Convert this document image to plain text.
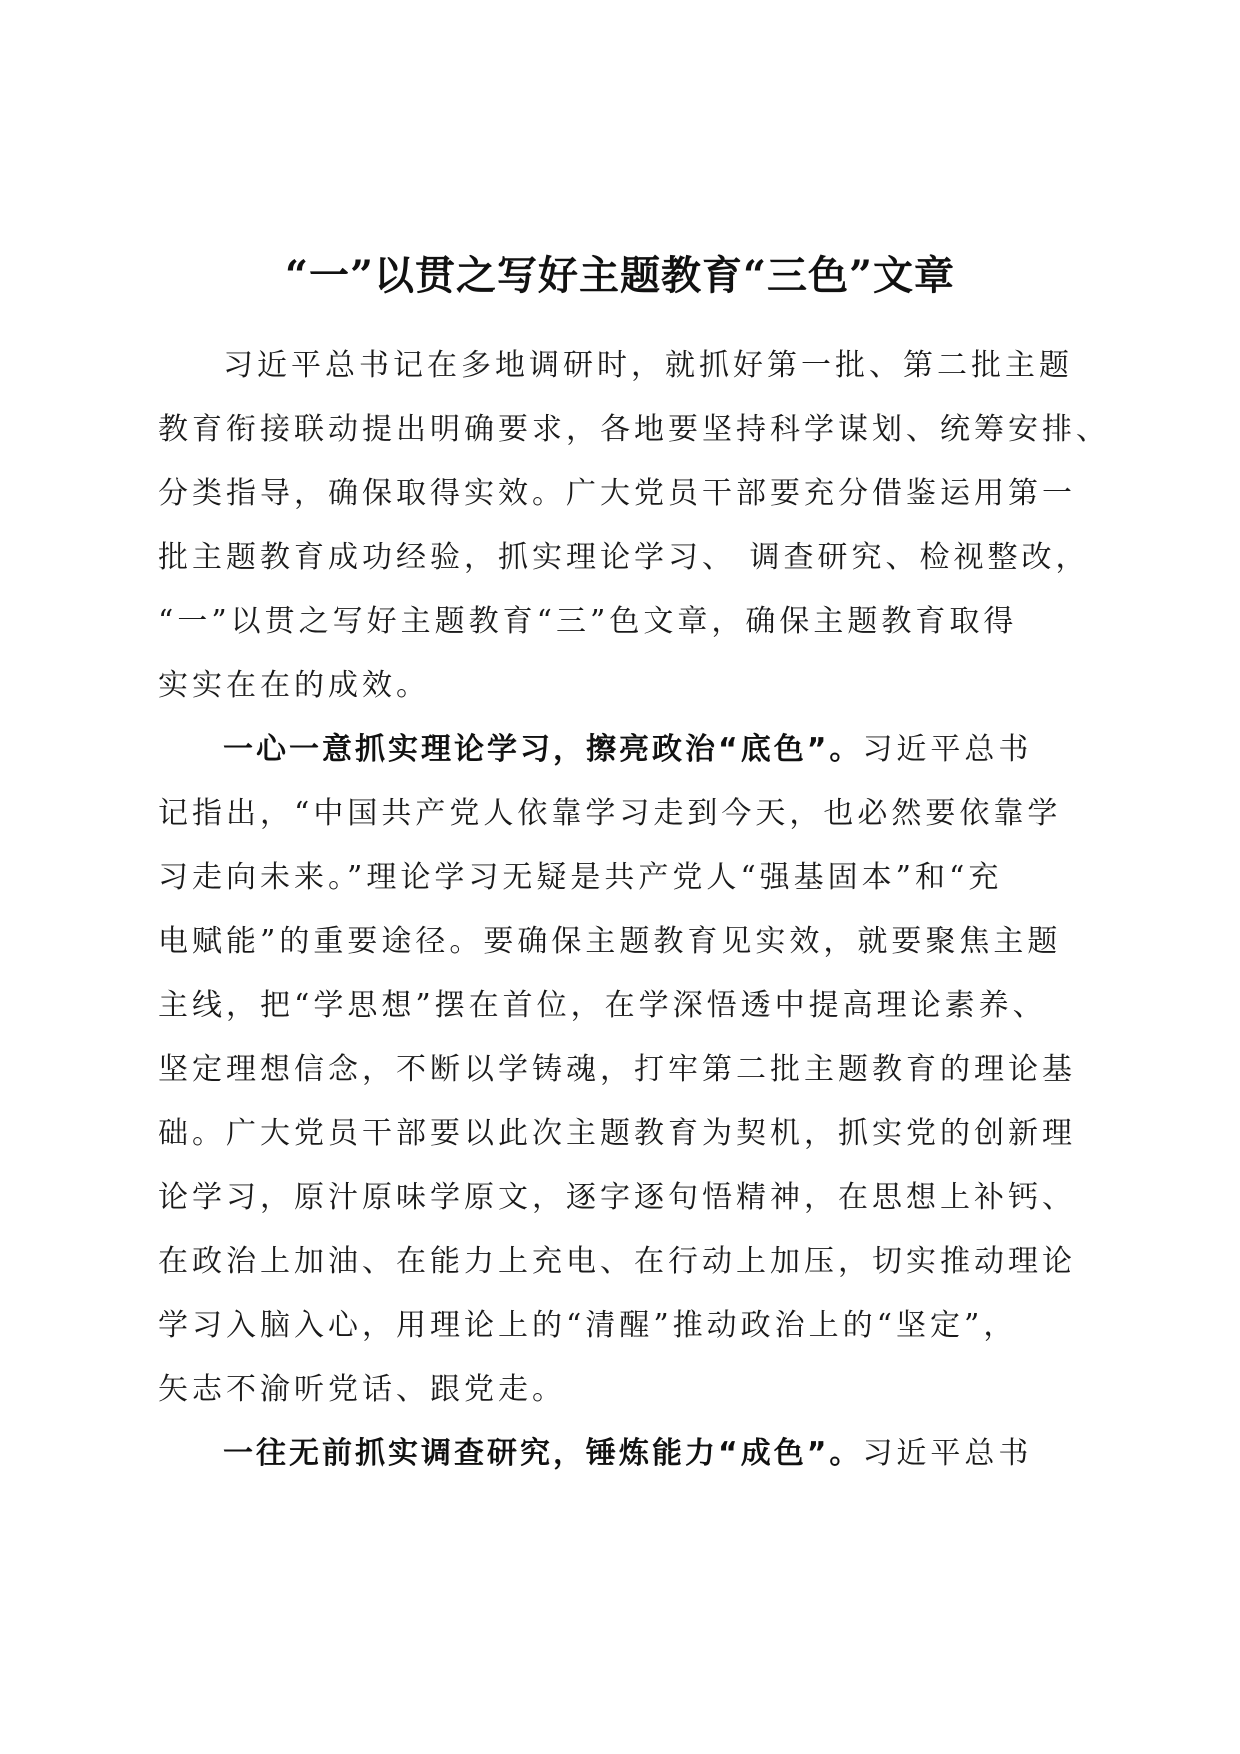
“一”以贯之写好主题教育“三色”文章
习近平总书记在多地调研时，就抓好第一批、第二批主题
教育衔接联动提出明确要求，各地要坚持科学谋划、统筹安排、
分类指导，确保取得实效。广大党员干部要充分借鉴运用第一
批主题教育成功经验，抓实理论学习、 调查研究、检视整改，
“一”以贯之写好主题教育“三”色文章，确保主题教育取得
实实在在的成效。
一心一意抓实理论学习，擦亮政治“底色”。习近平总书
记指出，“中国共产党人依靠学习走到今天，也必然要依靠学
习走向未来。”理论学习无疑是共产党人“强基固本”和“充
电赋能”的重要途径。要确保主题教育见实效，就要聚焦主题
主线，把“学思想”摆在首位，在学深悟透中提高理论素养、
坚定理想信念，不断以学铸魂，打牢第二批主题教育的理论基
础。广大党员干部要以此次主题教育为契机，抓实党的创新理
论学习，原汁原味学原文，逐字逐句悟精神，在思想上补钙、
在政治上加油、在能力上充电、在行动上加压，切实推动理论
学习入脑入心，用理论上的“清醒”推动政治上的“坚定”，
矢志不渝听党话、跟党走。
一往无前抓实调查研究，锤炼能力“成色”。习近平总书
